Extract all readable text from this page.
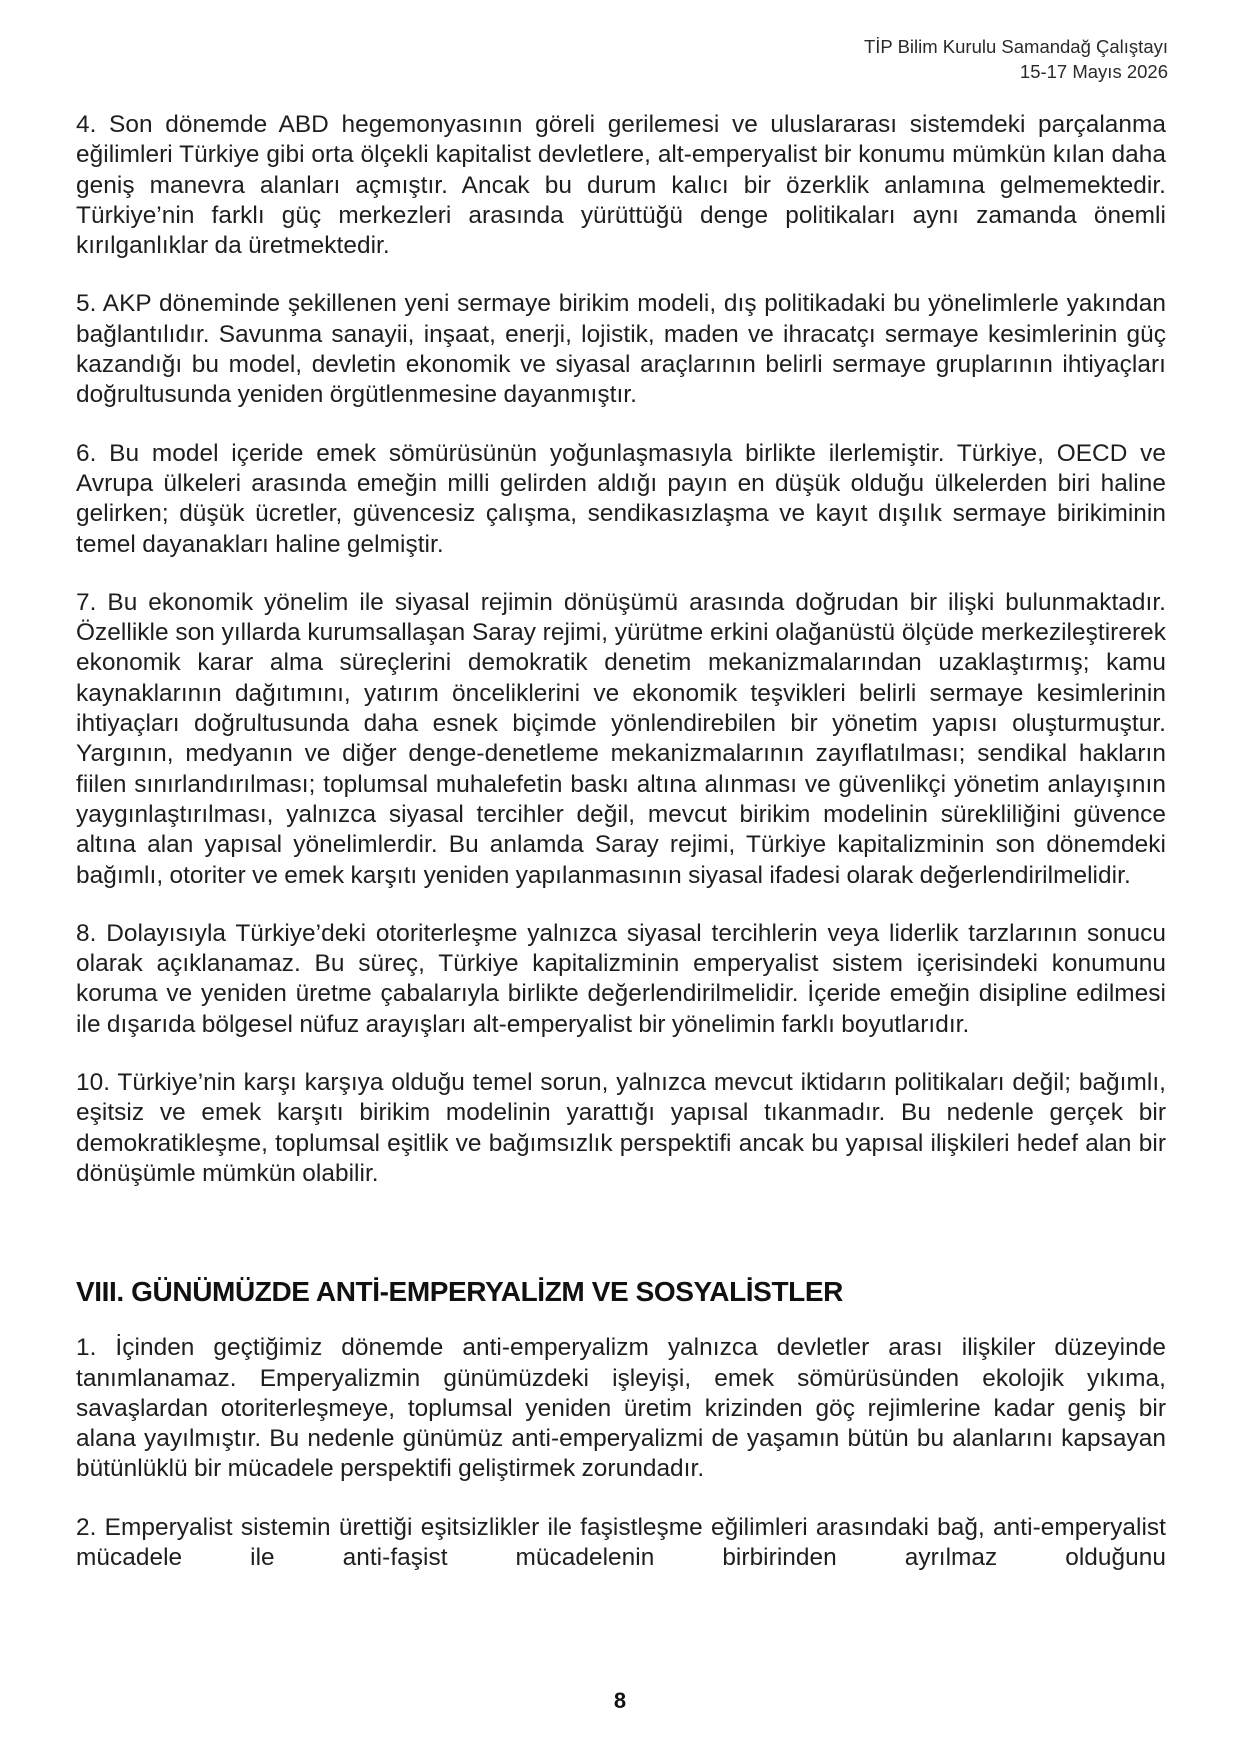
TİP Bilim Kurulu Samandağ Çalıştayı
15-17 Mayıs 2026

4. Son dönemde ABD hegemonyasının göreli gerilemesi ve uluslararası sistemdeki parçalanma eğilimleri Türkiye gibi orta ölçekli kapitalist devletlere, alt-emperyalist bir konumu mümkün kılan daha geniş manevra alanları açmıştır. Ancak bu durum kalıcı bir özerklik anlamına gelmemektedir. Türkiye’nin farklı güç merkezleri arasında yürüttüğü denge politikaları aynı zamanda önemli kırılganlıklar da üretmektedir.

5. AKP döneminde şekillenen yeni sermaye birikim modeli, dış politikadaki bu yönelimlerle yakından bağlantılıdır. Savunma sanayii, inşaat, enerji, lojistik, maden ve ihracatçı sermaye kesimlerinin güç kazandığı bu model, devletin ekonomik ve siyasal araçlarının belirli sermaye gruplarının ihtiyaçları doğrultusunda yeniden örgütlenmesine dayanmıştır.

6. Bu model içeride emek sömürüsünün yoğunlaşmasıyla birlikte ilerlemiştir. Türkiye, OECD ve Avrupa ülkeleri arasında emeğin milli gelirden aldığı payın en düşük olduğu ülkelerden biri haline gelirken; düşük ücretler, güvencesiz çalışma, sendikasızlaşma ve kayıt dışılık sermaye birikiminin temel dayanakları haline gelmiştir.

7. Bu ekonomik yönelim ile siyasal rejimin dönüşümü arasında doğrudan bir ilişki bulunmaktadır. Özellikle son yıllarda kurumsallaşan Saray rejimi, yürütme erkini olağanüstü ölçüde merkezileştirerek ekonomik karar alma süreçlerini demokratik denetim mekanizmalarından uzaklaştırmış; kamu kaynaklarının dağıtımını, yatırım önceliklerini ve ekonomik teşvikleri belirli sermaye kesimlerinin ihtiyaçları doğrultusunda daha esnek biçimde yönlendirebilen bir yönetim yapısı oluşturmuştur. Yargının, medyanın ve diğer denge-denetleme mekanizmalarının zayıflatılması; sendikal hakların fiilen sınırlandırılması; toplumsal muhalefetin baskı altına alınması ve güvenlikçi yönetim anlayışının yaygınlaştırılması, yalnızca siyasal tercihler değil, mevcut birikim modelinin sürekliliğini güvence altına alan yapısal yönelimlerdir. Bu anlamda Saray rejimi, Türkiye kapitalizminin son dönemdeki bağımlı, otoriter ve emek karşıtı yeniden yapılanmasının siyasal ifadesi olarak değerlendirilmelidir.

8. Dolayısıyla Türkiye’deki otoriterleşme yalnızca siyasal tercihlerin veya liderlik tarzlarının sonucu olarak açıklanamaz. Bu süreç, Türkiye kapitalizminin emperyalist sistem içerisindeki konumunu koruma ve yeniden üretme çabalarıyla birlikte değerlendirilmelidir. İçeride emeğin disipline edilmesi ile dışarıda bölgesel nüfuz arayışları alt-emperyalist bir yönelimin farklı boyutlarıdır.

10. Türkiye’nin karşı karşıya olduğu temel sorun, yalnızca mevcut iktidarın politikaları değil; bağımlı, eşitsiz ve emek karşıtı birikim modelinin yarattığı yapısal tıkanmadır. Bu nedenle gerçek bir demokratikleşme, toplumsal eşitlik ve bağımsızlık perspektifi ancak bu yapısal ilişkileri hedef alan bir dönüşümle mümkün olabilir.

VIII. GÜNÜMÜZDE ANTİ-EMPERYALİZM VE SOSYALİSTLER

1. İçinden geçtiğimiz dönemde anti-emperyalizm yalnızca devletler arası ilişkiler düzeyinde tanımlanamaz. Emperyalizmin günümüzdeki işleyişi, emek sömürüsünden ekolojik yıkıma, savaşlardan otoriterleşmeye, toplumsal yeniden üretim krizinden göç rejimlerine kadar geniş bir alana yayılmıştır. Bu nedenle günümüz anti-emperyalizmi de yaşamın bütün bu alanlarını kapsayan bütünlüklü bir mücadele perspektifi geliştirmek zorundadır.

2. Emperyalist sistemin ürettiği eşitsizlikler ile faşistleşme eğilimleri arasındaki bağ, anti-emperyalist mücadele ile anti-faşist mücadelenin birbirinden ayrılmaz olduğunu

8
